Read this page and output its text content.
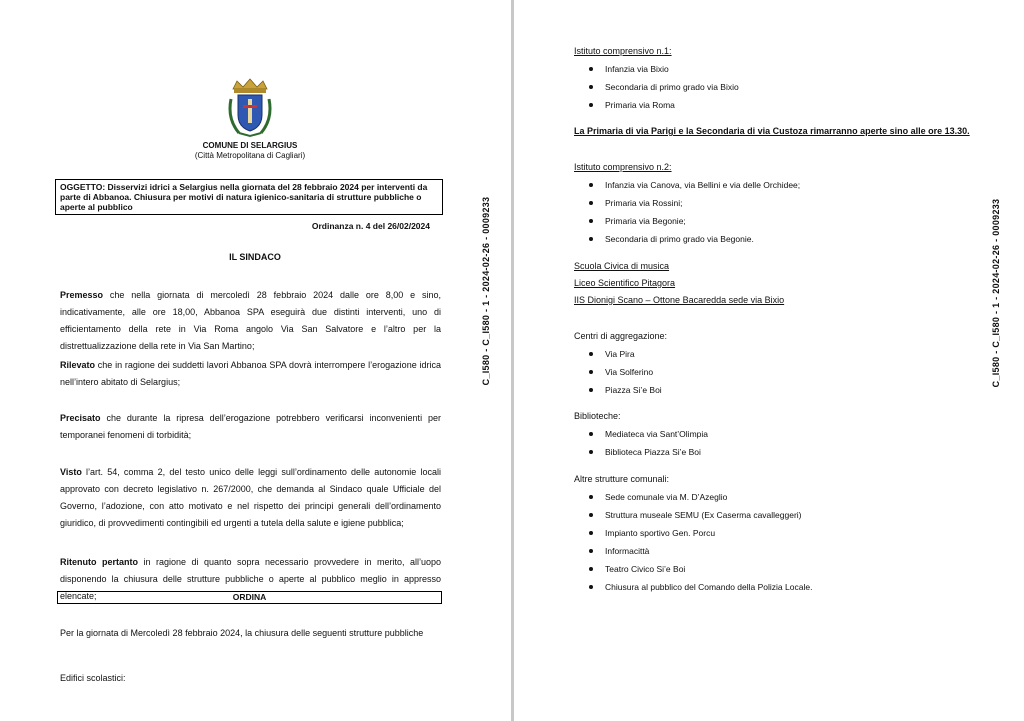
COMUNE DI SELARGIUS
(Città Metropolitana di Cagliari)
OGGETTO: Disservizi idrici a Selargius nella giornata del 28 febbraio 2024 per interventi da parte di Abbanoa. Chiusura per motivi di natura igienico-sanitaria di strutture pubbliche o aperte al pubblico
Ordinanza n. 4 del 26/02/2024
IL SINDACO
Premesso che nella giornata di mercoledì 28 febbraio 2024 dalle ore 8,00 e sino, indicativamente, alle ore 18,00, Abbanoa SPA eseguirà due distinti interventi, uno di efficientamento della rete in Via Roma angolo Via San Salvatore e l’altro per la distrettualizzazione della rete in Via San Martino;
Rilevato che in ragione dei suddetti lavori Abbanoa SPA dovrà interrompere l’erogazione idrica nell’intero abitato di Selargius;
Precisato che durante la ripresa dell’erogazione potrebbero verificarsi inconvenienti per temporanei fenomeni di torbidità;
Visto l’art. 54, comma 2, del testo unico delle leggi sull’ordinamento delle autonomie locali approvato con decreto legislativo n. 267/2000, che demanda al Sindaco quale Ufficiale del Governo, l’adozione, con atto motivato e nel rispetto dei principi generali dell’ordinamento giuridico, di provvedimenti contingibili ed urgenti a tutela della salute e igiene pubblica;
Ritenuto pertanto in ragione di quanto sopra necessario provvedere in merito, all’uopo disponendo la chiusura delle strutture pubbliche o aperte al pubblico meglio in appresso elencate;	ORDINA
Per la giornata di Mercoledì 28 febbraio 2024, la chiusura delle seguenti strutture pubbliche
Edifici scolastici:
C_I580 - C_I580 - 1 - 2024-02-26 - 0009233
Istituto comprensivo n.1:
Infanzia via Bixio
Secondaria di primo grado via Bixio
Primaria via Roma
La Primaria di via Parigi e la Secondaria di via Custoza rimarranno aperte sino alle ore 13.30.
Istituto comprensivo n.2:
Infanzia via Canova, via Bellini e via delle Orchidee;
Primaria via Rossini;
Primaria via Begonie;
Secondaria di primo grado via Begonie.
Scuola Civica di musica
Liceo Scientifico Pitagora
IIS Dionigi Scano – Ottone Bacaredda sede via Bixio
Centri di aggregazione:
Via Pira
Via Solferino
Piazza Si’e Boi
Biblioteche:
Mediateca via Sant’Olimpia
Biblioteca Piazza Si’e Boi
Altre strutture comunali:
Sede comunale via M. D’Azeglio
Struttura museale SEMU (Ex Caserma cavalleggeri)
Impianto sportivo Gen. Porcu
Informacittà
Teatro Civico Si’e Boi
Chiusura al pubblico del Comando della Polizia Locale.
C_I580 - C_I580 - 1 - 2024-02-26 - 0009233
